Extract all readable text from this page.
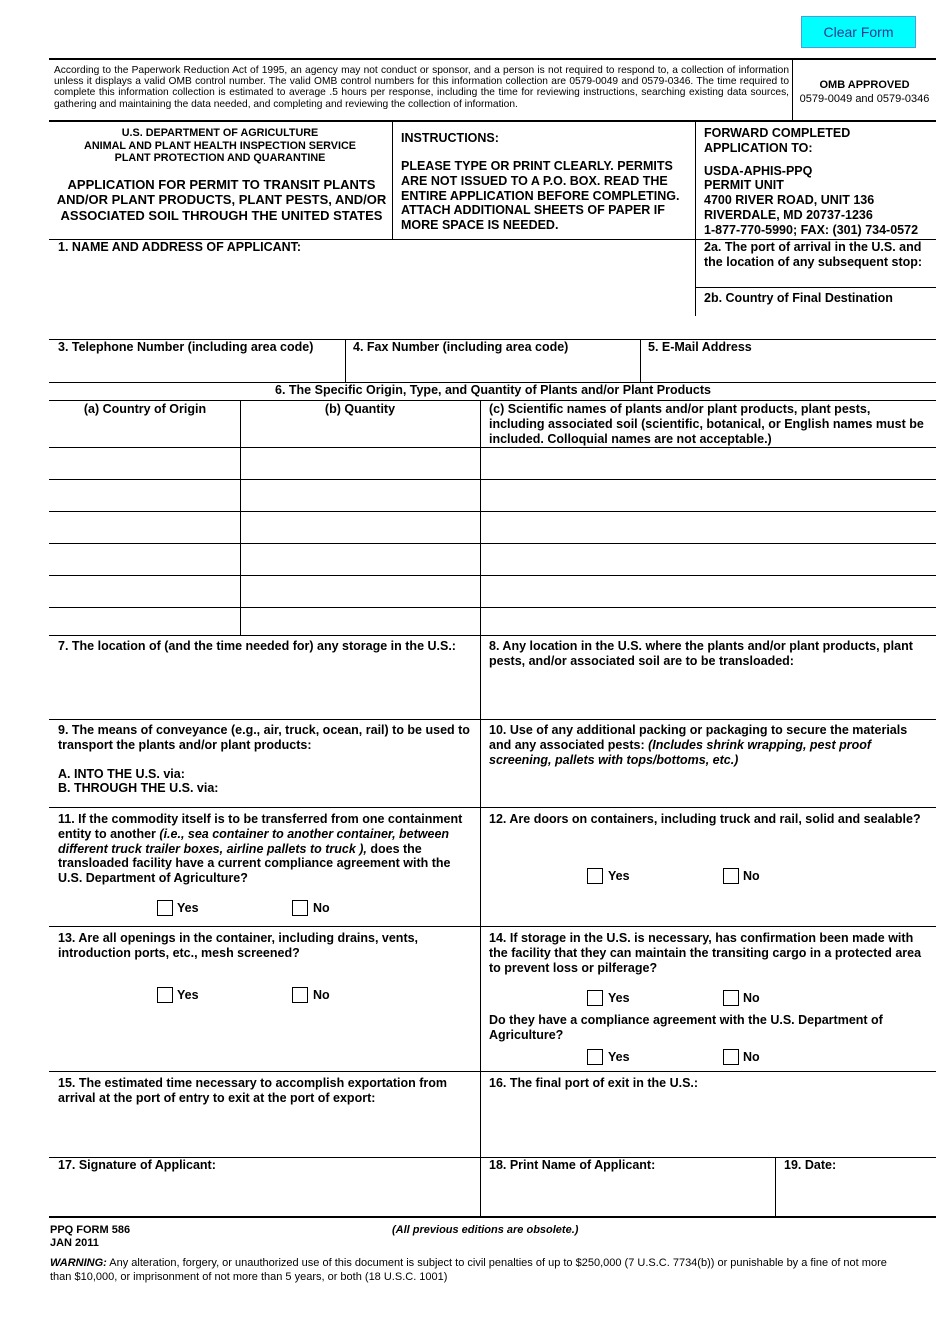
Clear Form
According to the Paperwork Reduction Act of 1995, an agency may not conduct or sponsor, and a person is not required to respond to, a collection of information unless it displays a valid OMB control number. The valid OMB control numbers for this information collection are 0579-0049 and 0579-0346. The time required to complete this information collection is estimated to average .5 hours per response, including the time for reviewing instructions, searching existing data sources, gathering and maintaining the data needed, and completing and reviewing the collection of information.
OMB APPROVED
0579-0049 and 0579-0346
U.S. DEPARTMENT OF AGRICULTURE
ANIMAL AND PLANT HEALTH INSPECTION SERVICE
PLANT PROTECTION AND QUARANTINE
APPLICATION FOR PERMIT TO TRANSIT PLANTS AND/OR PLANT PRODUCTS, PLANT PESTS, AND/OR ASSOCIATED SOIL THROUGH THE UNITED STATES
INSTRUCTIONS:
PLEASE TYPE OR PRINT CLEARLY. PERMITS ARE NOT ISSUED TO A P.O. BOX. READ THE ENTIRE APPLICATION BEFORE COMPLETING. ATTACH ADDITIONAL SHEETS OF PAPER IF MORE SPACE IS NEEDED.
FORWARD COMPLETED APPLICATION TO:
USDA-APHIS-PPQ
PERMIT UNIT
4700 RIVER ROAD, UNIT 136
RIVERDALE, MD 20737-1236
1-877-770-5990; FAX: (301) 734-0572
1. NAME AND ADDRESS OF APPLICANT:	2a. The port of arrival in the U.S. and the location of any subsequent stop:
2b. Country of Final Destination
3. Telephone Number (including area code)	4. Fax Number (including area code)	5. E-Mail Address
6. The Specific Origin, Type, and Quantity of Plants and/or Plant Products
(a) Country of Origin	(b) Quantity	(c) Scientific names of plants and/or plant products, plant pests, including associated soil (scientific, botanical, or English names must be included. Colloquial names are not acceptable.)
7. The location of (and the time needed for) any storage in the U.S.:	8. Any location in the U.S. where the plants and/or plant products, plant pests, and/or associated soil are to be transloaded:
9. The means of conveyance (e.g., air, truck, ocean, rail) to be used to transport the plants and/or plant products:
A. INTO THE U.S. via:
B. THROUGH THE U.S. via:
10. Use of any additional packing or packaging to secure the materials and any associated pests: (Includes shrink wrapping, pest proof screening, pallets with tops/bottoms, etc.)
11. If the commodity itself is to be transferred from one containment entity to another (i.e., sea container to another container, between different truck trailer boxes, airline pallets to truck ), does the transloaded facility have a current compliance agreement with the U.S. Department of Agriculture?
Yes	No
12. Are doors on containers, including truck and rail, solid and sealable?
Yes	No
13. Are all openings in the container, including drains, vents, introduction ports, etc., mesh screened?
Yes	No
14. If storage in the U.S. is necessary, has confirmation been made with the facility that they can maintain the transiting cargo in a protected area to prevent loss or pilferage?
Yes	No
Do they have a compliance agreement with the U.S. Department of Agriculture?
Yes	No
15. The estimated time necessary to accomplish exportation from arrival at the port of entry to exit at the port of export:
16. The final port of exit in the U.S.:
17. Signature of Applicant:	18. Print Name of Applicant:	19. Date:
PPQ FORM 586
JAN 2011
(All previous editions are obsolete.)
WARNING: Any alteration, forgery, or unauthorized use of this document is subject to civil penalties of up to $250,000 (7 U.S.C. 7734(b)) or punishable by a fine of not more than $10,000, or imprisonment of not more than 5 years, or both (18 U.S.C. 1001)
